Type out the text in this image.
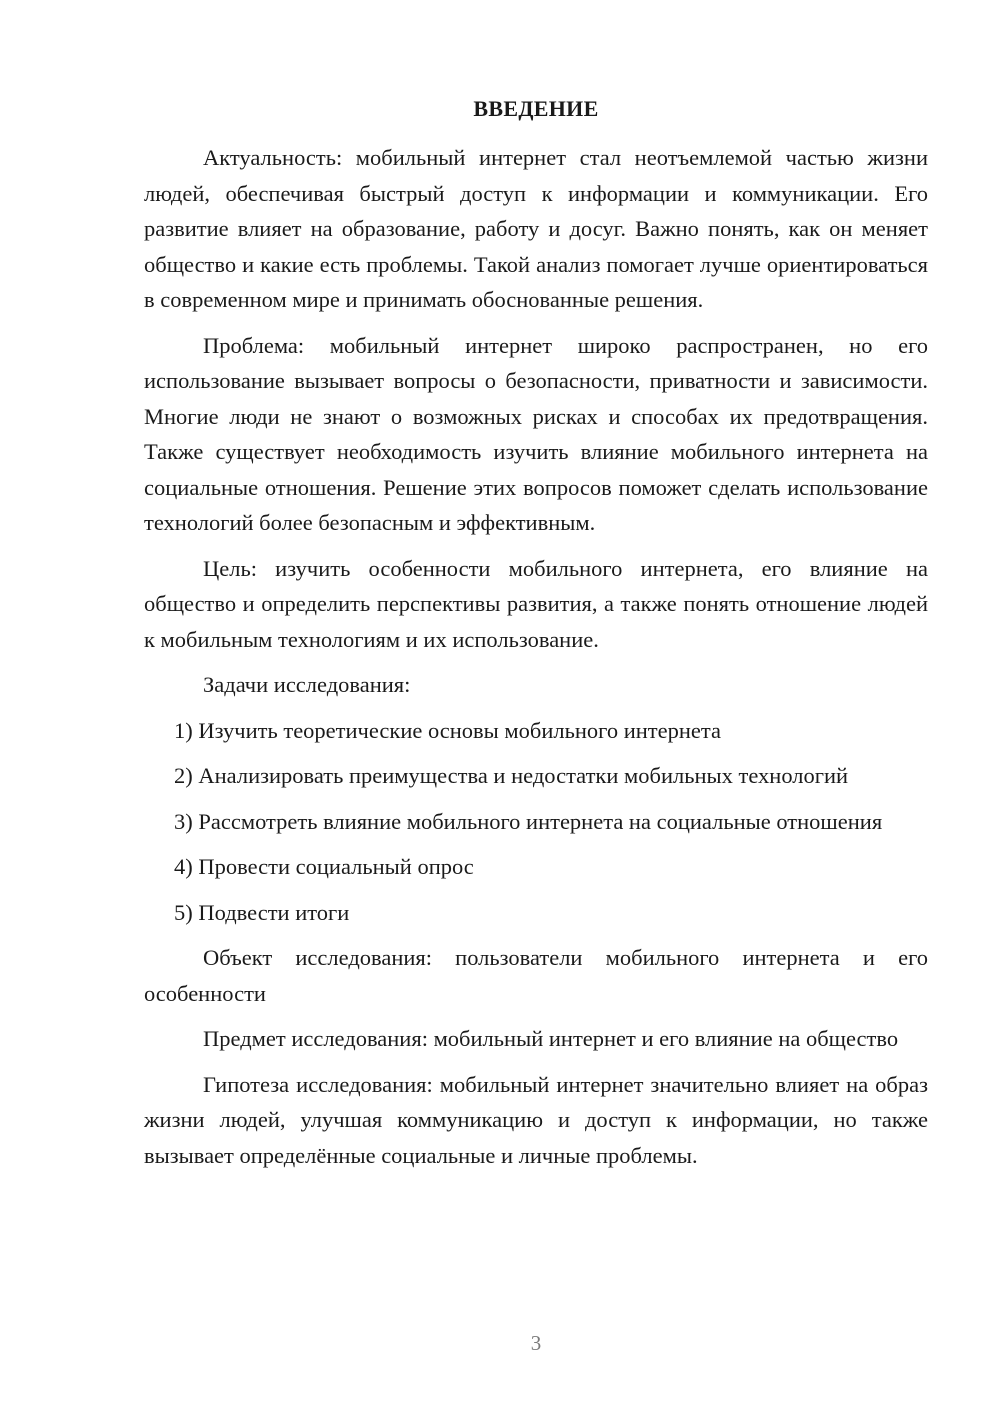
ВВЕДЕНИЕ

Актуальность: мобильный интернет стал неотъемлемой частью жизни людей, обеспечивая быстрый доступ к информации и коммуникации. Его развитие влияет на образование, работу и досуг. Важно понять, как он меняет общество и какие есть проблемы. Такой анализ помогает лучше ориентироваться в современном мире и принимать обоснованные решения.

Проблема: мобильный интернет широко распространен, но его использование вызывает вопросы о безопасности, приватности и зависимости. Многие люди не знают о возможных рисках и способах их предотвращения. Также существует необходимость изучить влияние мобильного интернета на социальные отношения. Решение этих вопросов поможет сделать использование технологий более безопасным и эффективным.

Цель: изучить особенности мобильного интернета, его влияние на общество и определить перспективы развития, а также понять отношение людей к мобильным технологиям и их использование.

Задачи исследования:

1) Изучить теоретические основы мобильного интернета

2) Анализировать преимущества и недостатки мобильных технологий

3) Рассмотреть влияние мобильного интернета на социальные отношения

4) Провести социальный опрос

5) Подвести итоги

Объект исследования: пользователи мобильного интернета и его особенности

Предмет исследования: мобильный интернет и его влияние на общество

Гипотеза исследования: мобильный интернет значительно влияет на образ жизни людей, улучшая коммуникацию и доступ к информации, но также вызывает определённые социальные и личные проблемы.

3
